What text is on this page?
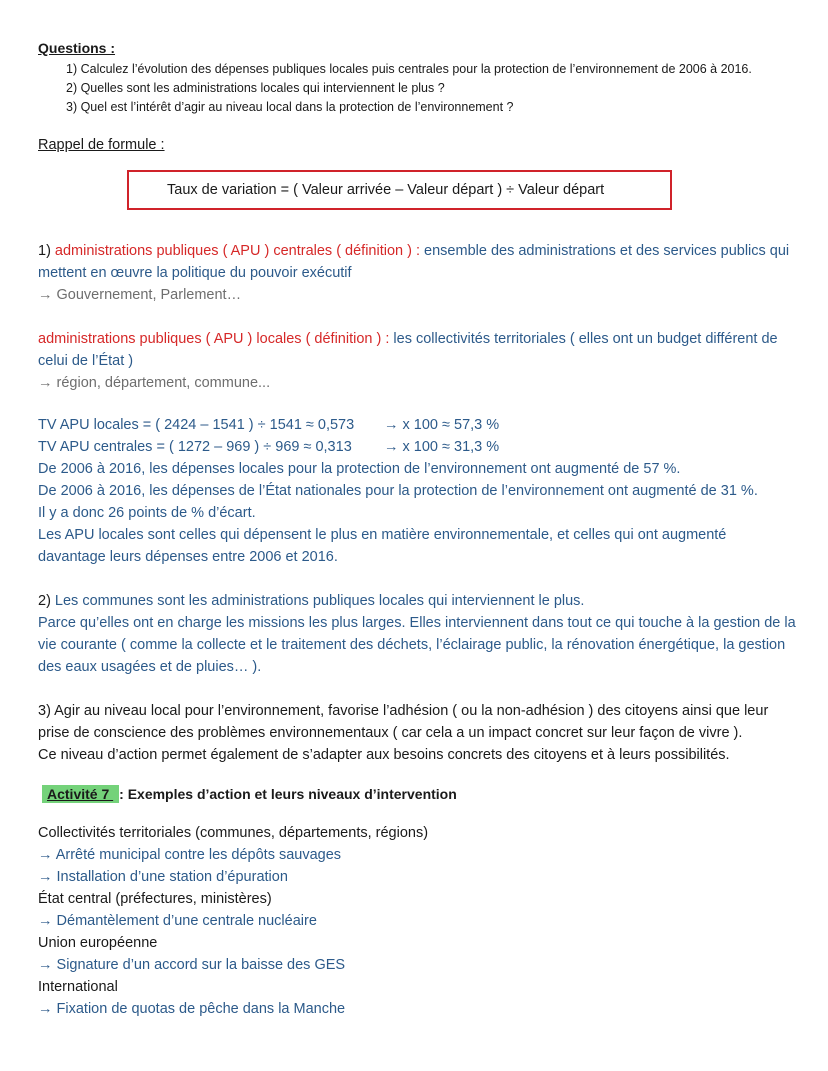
Questions :
1) Calculez l’évolution des dépenses publiques locales puis centrales pour la protection de l’environnement de 2006 à 2016.
2) Quelles sont les administrations locales qui interviennent le plus ?
3) Quel est l’intérêt d’agir au niveau local dans la protection de l’environnement ?
Rappel de formule :
Taux de variation = ( Valeur arrivée – Valeur départ ) ÷ Valeur départ
1) administrations publiques ( APU ) centrales ( définition ) : ensemble des administrations et des services publics qui mettent en œuvre la politique du pouvoir exécutif
→ Gouvernement, Parlement…
administrations publiques ( APU ) locales ( définition ) : les collectivités territoriales ( elles ont un budget différent de celui de l’État )
→ région, département, commune...
TV APU locales = ( 2424 – 1541 ) ÷ 1541 ≈ 0,573 → x 100 ≈ 57,3 %
TV APU centrales = ( 1272 – 969 ) ÷ 969 ≈ 0,313 → x 100 ≈ 31,3 %
De 2006 à 2016, les dépenses locales pour la protection de l’environnement ont augmenté de 57 %.
De 2006 à 2016, les dépenses de l’État nationales pour la protection de l’environnement ont augmenté de 31 %.
Il y a donc 26 points de % d’écart.
Les APU locales sont celles qui dépensent le plus en matière environnementale, et celles qui ont augmenté davantage leurs dépenses entre 2006 et 2016.
2) Les communes sont les administrations publiques locales qui interviennent le plus.
Parce qu’elles ont en charge les missions les plus larges. Elles interviennent dans tout ce qui touche à la gestion de la vie courante ( comme la collecte et le traitement des déchets, l’éclairage public, la rénovation énergétique, la gestion des eaux usagées et de pluies… ).
3) Agir au niveau local pour l’environnement, favorise l’adhésion ( ou la non-adhésion ) des citoyens ainsi que leur prise de conscience des problèmes environnementaux ( car cela a un impact concret sur leur façon de vivre ).
Ce niveau d’action permet également de s’adapter aux besoins concrets des citoyens et à leurs possibilités.
Activité 7 : Exemples d’action et leurs niveaux d’intervention
Collectivités territoriales (communes, départements, régions)
→ Arrêté municipal contre les dépôts sauvages
→ Installation d’une station d’épuration
État central (préfectures, ministères)
→ Démantèlement d’une centrale nucléaire
Union européenne
→ Signature d’un accord sur la baisse des GES
International
→ Fixation de quotas de pêche dans la Manche
